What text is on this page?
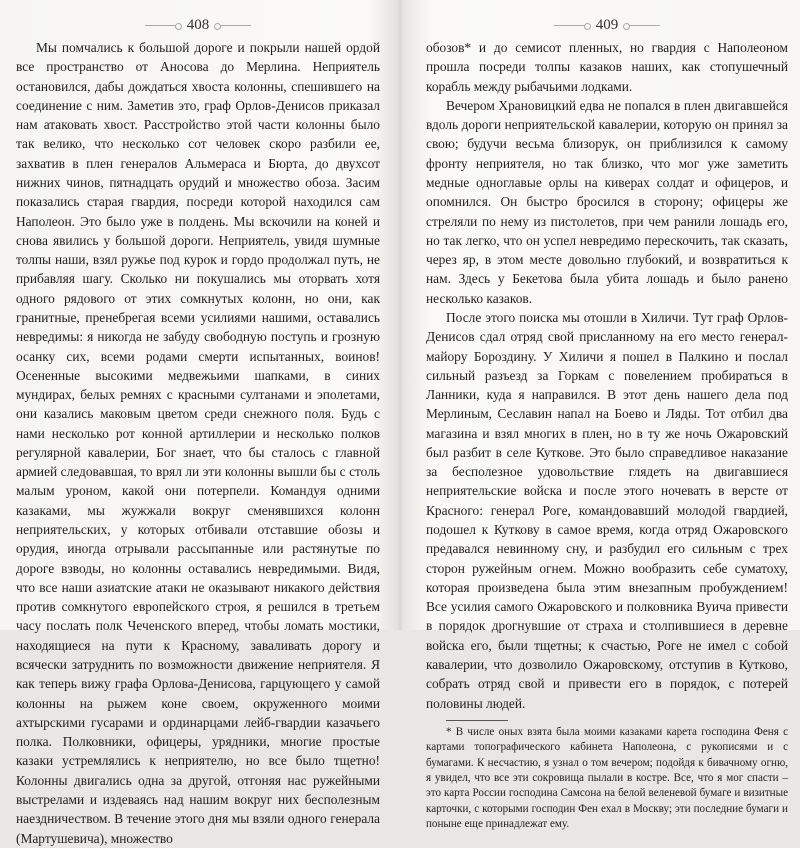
408

Мы помчались к большой дороге и покрыли нашей ордой все пространство от Аносова до Мерлина. Неприятель остановился, дабы дождаться хвоста колонны, спешившего на соединение с ним. Заметив это, граф Орлов-Денисов приказал нам атаковать хвост. Расстройство этой части колонны было так велико, что несколько сот человек скоро разбили ее, захватив в плен генералов Альмераса и Бюрта, до двухсот нижних чинов, пятнадцать орудий и множество обоза. Засим показались старая гвардия, посреди которой находился сам Наполеон. Это было уже в полдень. Мы вскочили на коней и снова явились у большой дороги. Неприятель, увидя шумные толпы наши, взял ружье под курок и гордо продолжал путь, не прибавляя шагу. Сколько ни покушались мы оторвать хотя одного рядового от этих сомкнутых колонн, но они, как гранитные, пренебрегая всеми усилиями нашими, оставались невредимы: я никогда не забуду свободную поступь и грозную осанку сих, всеми родами смерти испытанных, воинов! Осененные высокими медвежьими шапками, в синих мундирах, белых ремнях с красными султанами и эполетами, они казались маковым цветом среди снежного поля. Будь с нами несколько рот конной артиллерии и несколько полков регулярной кавалерии, Бог знает, что бы сталось с главной армией следовавшая, то врял ли эти колонны вышли бы с столь малым уроном, какой они потерпели. Командуя одними казаками, мы жужжали вокруг сменявшихся колонн неприятельских, у которых отбивали отставшие обозы и орудия, иногда отрывали рассыпанные или растянутые по дороге взводы, но колонны оставались невредимыми. Видя, что все наши азиатские атаки не оказывают никакого действия против сомкнутого европейского строя, я решился в третьем часу послать полк Чеченского вперед, чтобы ломать мостики, находящиеся на пути к Красному, заваливать дорогу и всячески затруднить по возможности движение неприятеля. Я как теперь вижу графа Орлова-Денисова, гарцующего у самой колонны на рыжем коне своем, окруженного моими ахтырскими гусарами и ординарцами лейб-гвардии казачьего полка. Полковники, офицеры, урядники, многие простые казаки устремлялись к неприятелю, но все было тщетно! Колонны двигались одна за другой, отгоняя нас ружейными выстрелами и издеваясь над нашим вокруг них бесполезным наездничеством. В течение этого дня мы взяли одного генерала (Мартушевича), множество

409

обозов* и до семисот пленных, но гвардия с Наполеоном прошла посреди толпы казаков наших, как стопушечный корабль между рыбачьими лодками.

Вечером Храновицкий едва не попался в плен двигавшейся вдоль дороги неприятельской кавалерии, которую он принял за свою; будучи весьма близорук, он приблизился к самому фронту неприятеля, но так близко, что мог уже заметить медные одноглавые орлы на киверах солдат и офицеров, и опомнился. Он быстро бросился в сторону; офицеры же стреляли по нему из пистолетов, при чем ранили лошадь его, но так легко, что он успел невредимо перескочить, так сказать, через яр, в этом месте довольно глубокий, и возвратиться к нам. Здесь у Бекетова была убита лошадь и было ранено несколько казаков.

После этого поиска мы отошли в Хиличи. Тут граф Орлов-Денисов сдал отряд свой присланному на его место генерал-майору Бороздину. У Хиличи я пошел в Палкино и послал сильный разъезд за Горкам с повелением пробираться в Ланники, куда я направился. В этот день нашего дела под Мерлиным, Сеславин напал на Боево и Ляды. Тот отбил два магазина и взял многих в плен, но в ту же ночь Ожаровский был разбит в селе Куткове. Это было справедливое наказание за бесполезное удовольствие глядеть на двигавшиеся неприятельские войска и после этого ночевать в версте от Красного: генерал Роге, командовавший молодой гвардией, подошел к Куткову в самое время, когда отряд Ожаровского предавался невинному сну, и разбудил его сильным с трех сторон ружейным огнем. Можно вообразить себе суматоху, которая произведена была этим внезапным пробуждением! Все усилия самого Ожаровского и полковника Вуича привести в порядок дрогнувшие от страха и столпившиеся в деревне войска его, были тщетны; к счастью, Роге не имел с собой кавалерии, что дозволило Ожаровскому, отступив в Кутково, собрать отряд свой и привести его в порядок, с потерей половины людей.

* В числе оных взята была моими казаками карета господина Феня с картами топографического кабинета Наполеона, с рукописями и с бумагами. К несчастию, я узнал о том вечером; подойдя к бивачному огню, я увидел, что все эти сокровища пылали в костре. Все, что я мог спасти – это карта России господина Самсона на белой веленевой бумаге и визитные карточки, с которыми господин Фен ехал в Москву; эти последние бумаги и поныне еще принадлежат ему.
